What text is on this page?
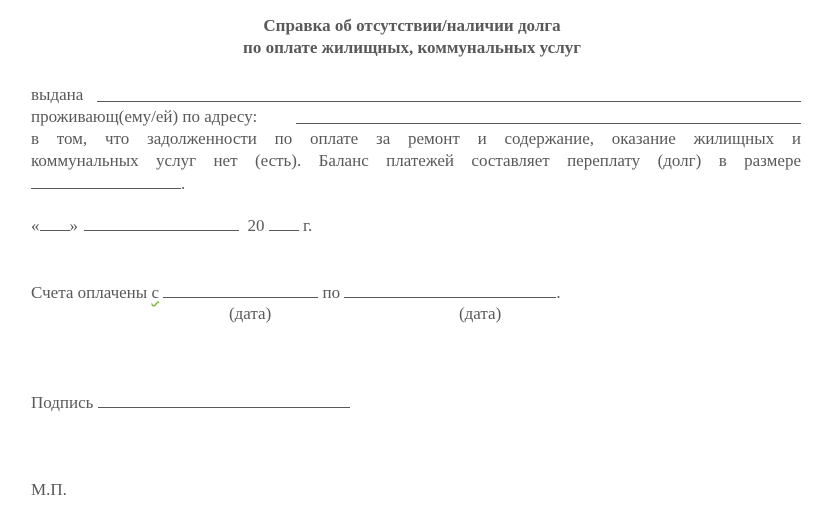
Справка об отсутствии/наличии долга
по оплате жилищных, коммунальных услуг
выдана
проживающ(ему/ей) по адресу:
в том, что задолженности по оплате за ремонт и содержание, оказание жилищных и
коммунальных услуг нет (есть). Баланс платежей составляет переплату (долг) в размере
.
« »	20 г.
Счета оплачены с	по	.
(дата)	(дата)
Подпись
М.П.
